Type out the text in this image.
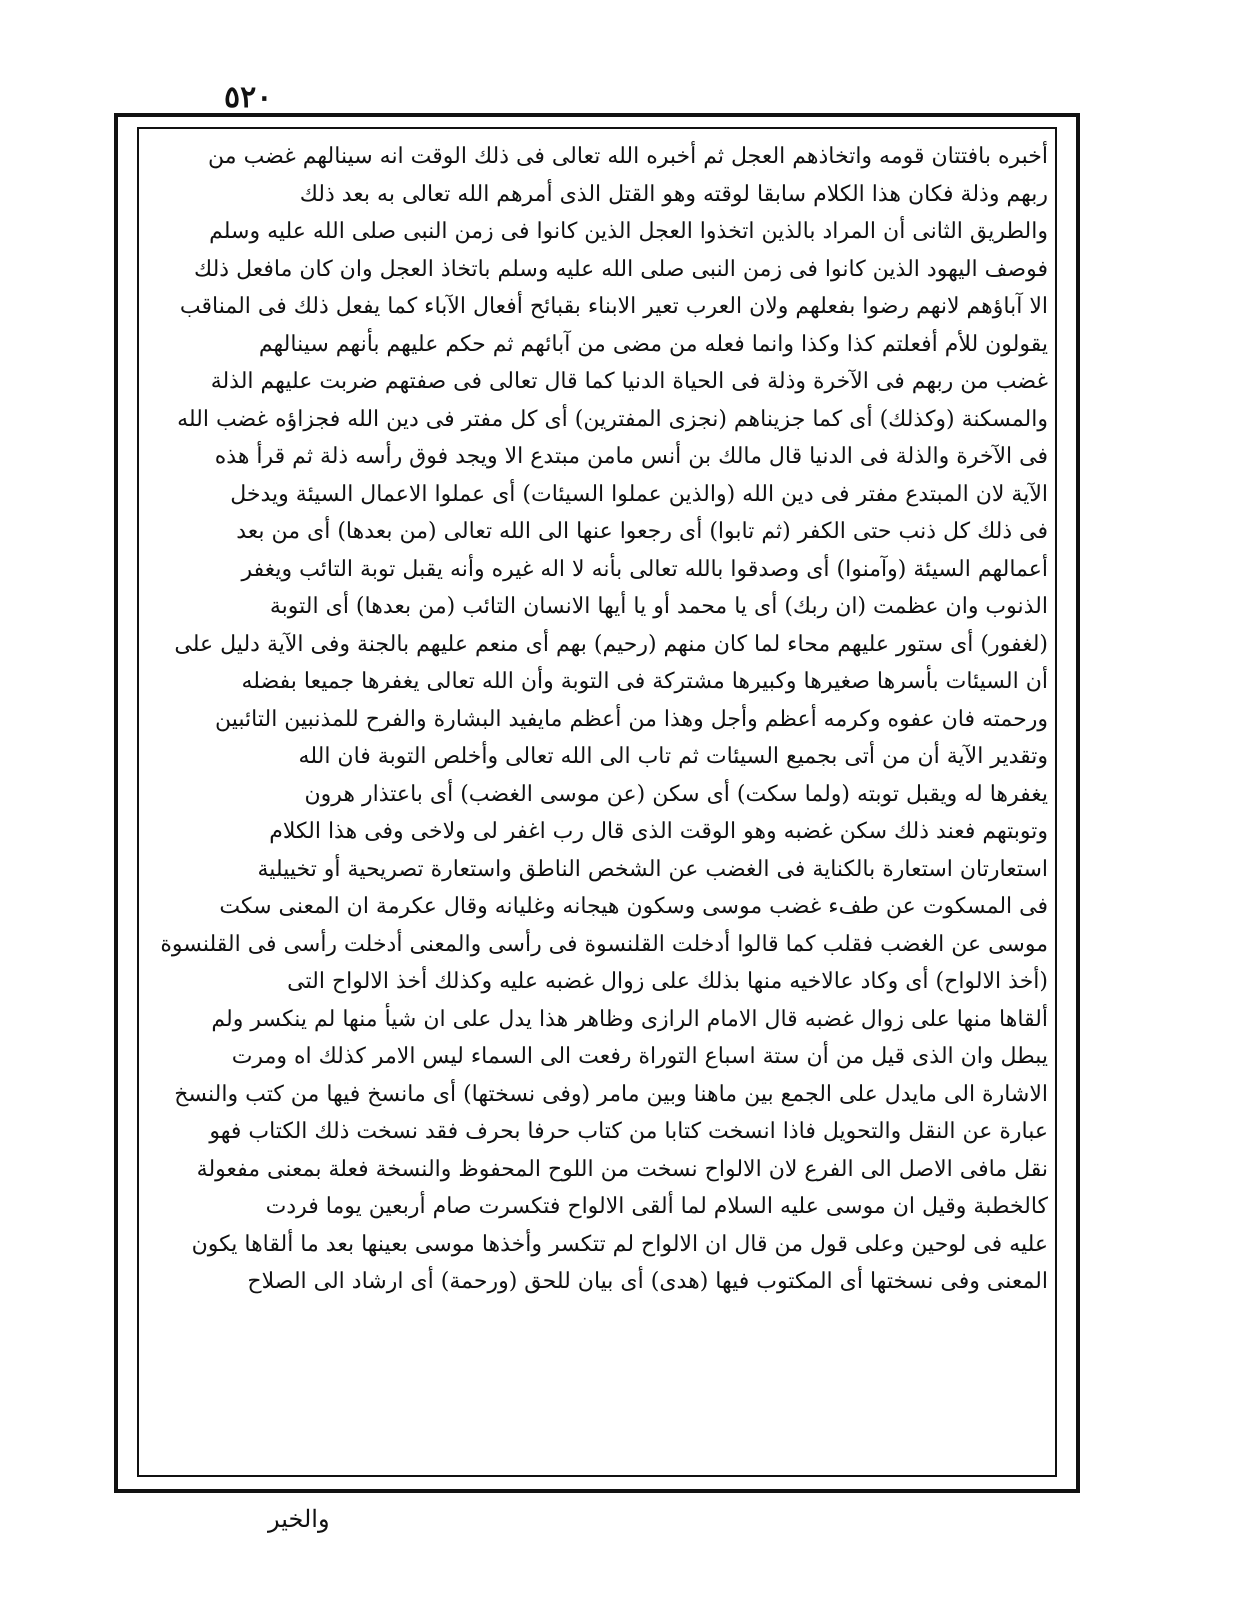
٥٢٠
أخبره بافتتان قومه واتخاذهم العجل ثم أخبره الله تعالى فى ذلك الوقت انه سينالهم غضب من
ربهم وذلة فكان هذا الكلام سابقا لوقته وهو القتل الذى أمرهم الله تعالى به بعد ذلك
والطريق الثانى أن المراد بالذين اتخذوا العجل الذين كانوا فى زمن النبى صلى الله عليه وسلم
فوصف اليهود الذين كانوا فى زمن النبى صلى الله عليه وسلم باتخاذ العجل وان كان مافعل ذلك
الا آباؤهم لانهم رضوا بفعلهم ولان العرب تعير الابناء بقبائح أفعال الآباء كما يفعل ذلك فى المناقب
يقولون للأم أفعلتم كذا وكذا وانما فعله من مضى من آبائهم ثم حكم عليهم بأنهم سينالهم
غضب من ربهم فى الآخرة وذلة فى الحياة الدنيا كما قال تعالى فى صفتهم ضربت عليهم الذلة
والمسكنة (وكذلك) أى كما جزيناهم (نجزى المفترين) أى كل مفتر فى دين الله فجزاؤه غضب الله
فى الآخرة والذلة فى الدنيا قال مالك بن أنس مامن مبتدع الا ويجد فوق رأسه ذلة ثم قرأ هذه
الآية لان المبتدع مفتر فى دين الله (والذين عملوا السيئات) أى عملوا الاعمال السيئة ويدخل
فى ذلك كل ذنب حتى الكفر (ثم تابوا) أى رجعوا عنها الى الله تعالى (من بعدها) أى من بعد
أعمالهم السيئة (وآمنوا) أى وصدقوا بالله تعالى بأنه لا اله غيره وأنه يقبل توبة التائب ويغفر
الذنوب وان عظمت (ان ربك) أى يا محمد أو يا أيها الانسان التائب (من بعدها) أى التوبة
(لغفور) أى ستور عليهم محاء لما كان منهم (رحيم) بهم أى منعم عليهم بالجنة وفى الآية دليل على
أن السيئات بأسرها صغيرها وكبيرها مشتركة فى التوبة وأن الله تعالى يغفرها جميعا بفضله
ورحمته فان عفوه وكرمه أعظم وأجل وهذا من أعظم مايفيد البشارة والفرح للمذنبين التائبين
وتقدير الآية أن من أتى بجميع السيئات ثم تاب الى الله تعالى وأخلص التوبة فان الله
يغفرها له ويقبل توبته (ولما سكت) أى سكن (عن موسى الغضب) أى باعتذار هرون
وتوبتهم فعند ذلك سكن غضبه وهو الوقت الذى قال رب اغفر لى ولاخى وفى هذا الكلام
استعارتان استعارة بالكناية فى الغضب عن الشخص الناطق واستعارة تصريحية أو تخييلية
فى المسكوت عن طفء غضب موسى وسكون هيجانه وغليانه وقال عكرمة ان المعنى سكت
موسى عن الغضب فقلب كما قالوا أدخلت القلنسوة فى رأسى والمعنى أدخلت رأسى فى القلنسوة
(أخذ الالواح) أى وكاد عالاخيه منها بذلك على زوال غضبه عليه وكذلك أخذ الالواح التى
ألقاها منها على زوال غضبه قال الامام الرازى وظاهر هذا يدل على ان شيأ منها لم ينكسر ولم
يبطل وان الذى قيل من أن ستة اسباع التوراة رفعت الى السماء ليس الامر كذلك اه ومرت
الاشارة الى مايدل على الجمع بين ماهنا وبين مامر (وفى نسختها) أى مانسخ فيها من كتب والنسخ
عبارة عن النقل والتحويل فاذا انسخت كتابا من كتاب حرفا بحرف فقد نسخت ذلك الكتاب فهو
نقل مافى الاصل الى الفرع لان الالواح نسخت من اللوح المحفوظ والنسخة فعلة بمعنى مفعولة
كالخطبة وقيل ان موسى عليه السلام لما ألقى الالواح فتكسرت صام أربعين يوما فردت
عليه فى لوحين وعلى قول من قال ان الالواح لم تتكسر وأخذها موسى بعينها بعد ما ألقاها يكون
المعنى وفى نسختها أى المكتوب فيها (هدى) أى بيان للحق (ورحمة) أى ارشاد الى الصلاح
والخير
